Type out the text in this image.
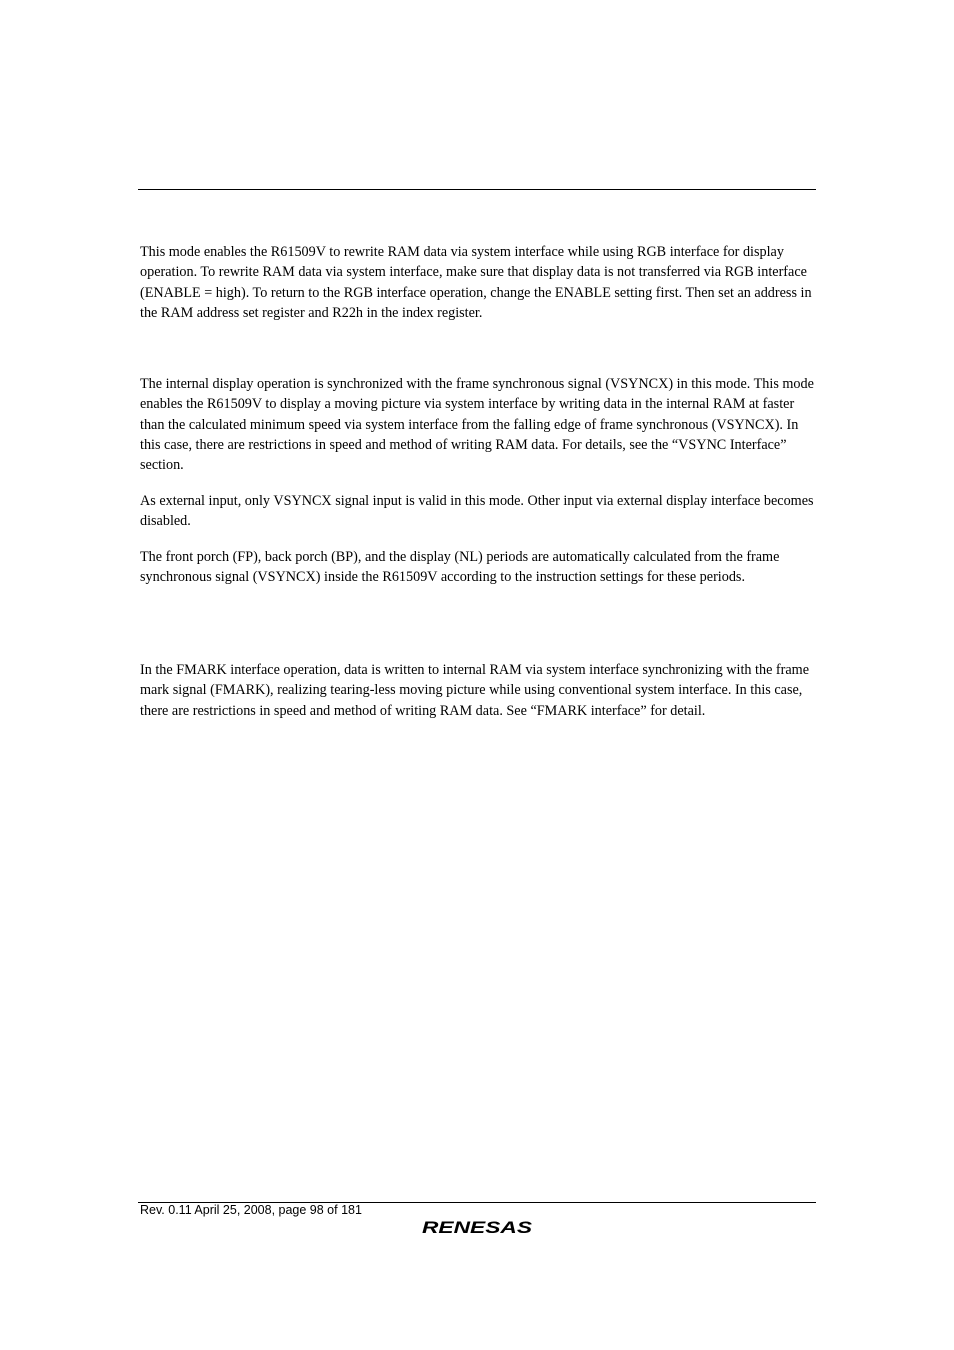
This mode enables the R61509V to rewrite RAM data via system interface while using RGB interface for display operation. To rewrite RAM data via system interface, make sure that display data is not transferred via RGB interface (ENABLE = high). To return to the RGB interface operation, change the ENABLE setting first. Then set an address in the RAM address set register and R22h in the index register.

The internal display operation is synchronized with the frame synchronous signal (VSYNCX) in this mode. This mode enables the R61509V to display a moving picture via system interface by writing data in the internal RAM at faster than the calculated minimum speed via system interface from the falling edge of frame synchronous (VSYNCX). In this case, there are restrictions in speed and method of writing RAM data. For details, see the “VSYNC Interface” section.

As external input, only VSYNCX signal input is valid in this mode. Other input via external display interface becomes disabled.

The front porch (FP), back porch (BP), and the display (NL) periods are automatically calculated from the frame synchronous signal (VSYNCX) inside the R61509V according to the instruction settings for these periods.

In the FMARK interface operation, data is written to internal RAM via system interface synchronizing with the frame mark signal (FMARK), realizing tearing-less moving picture while using conventional system interface. In this case, there are restrictions in speed and method of writing RAM data. See “FMARK interface” for detail.

Rev. 0.11 April 25, 2008, page 98 of 181
RENESAS
